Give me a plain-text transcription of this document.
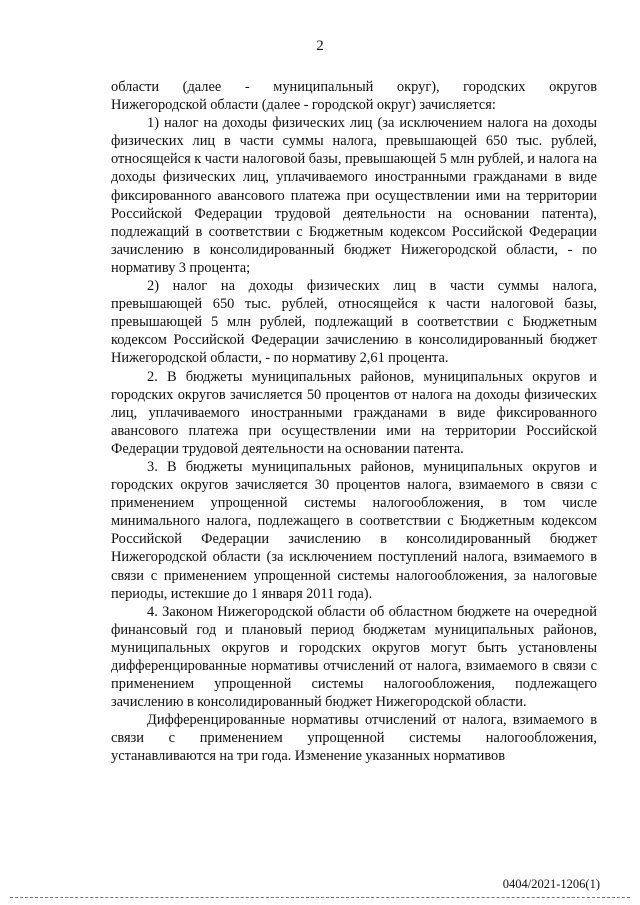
2

области (далее - муниципальный округ), городских округов

Нижегородской области (далее - городской округ) зачисляется:

1) налог на доходы физических лиц (за исключением налога на доходы физических лиц в части суммы налога, превышающей 650 тыс. рублей, относящейся к части налоговой базы, превышающей 5 млн рублей, и налога на доходы физических лиц, уплачиваемого иностранными гражданами в виде фиксированного авансового платежа при осуществлении ими на территории Российской Федерации трудовой деятельности на основании патента), подлежащий в соответствии с Бюджетным кодексом Российской Федерации зачислению в консолидированный бюджет Нижегородской области, - по нормативу 3 процента;

2) налог на доходы физических лиц в части суммы налога, превышающей 650 тыс. рублей, относящейся к части налоговой базы, превышающей 5 млн рублей, подлежащий в соответствии с Бюджетным кодексом Российской Федерации зачислению в консолидированный бюджет Нижегородской области, - по нормативу 2,61 процента.

2. В бюджеты муниципальных районов, муниципальных округов и городских округов зачисляется 50 процентов от налога на доходы физических лиц, уплачиваемого иностранными гражданами в виде фиксированного авансового платежа при осуществлении ими на территории Российской Федерации трудовой деятельности на основании патента.

3. В бюджеты муниципальных районов, муниципальных округов и городских округов зачисляется 30 процентов налога, взимаемого в связи с применением упрощенной системы налогообложения, в том числе минимального налога, подлежащего в соответствии с Бюджетным кодексом Российской Федерации зачислению в консолидированный бюджет Нижегородской области (за исключением поступлений налога, взимаемого в связи с применением упрощенной системы налогообложения, за налоговые периоды, истекшие до 1 января 2011 года).

4. Законом Нижегородской области об областном бюджете на очередной финансовый год и плановый период бюджетам муниципальных районов, муниципальных округов и городских округов могут быть установлены дифференцированные нормативы отчислений от налога, взимаемого в связи с применением упрощенной системы налогообложения, подлежащего зачислению в консолидированный бюджет Нижегородской области.

Дифференцированные нормативы отчислений от налога, взимаемого в связи с применением упрощенной системы налогообложения, устанавливаются на три года. Изменение указанных нормативов

0404/2021-1206(1)
